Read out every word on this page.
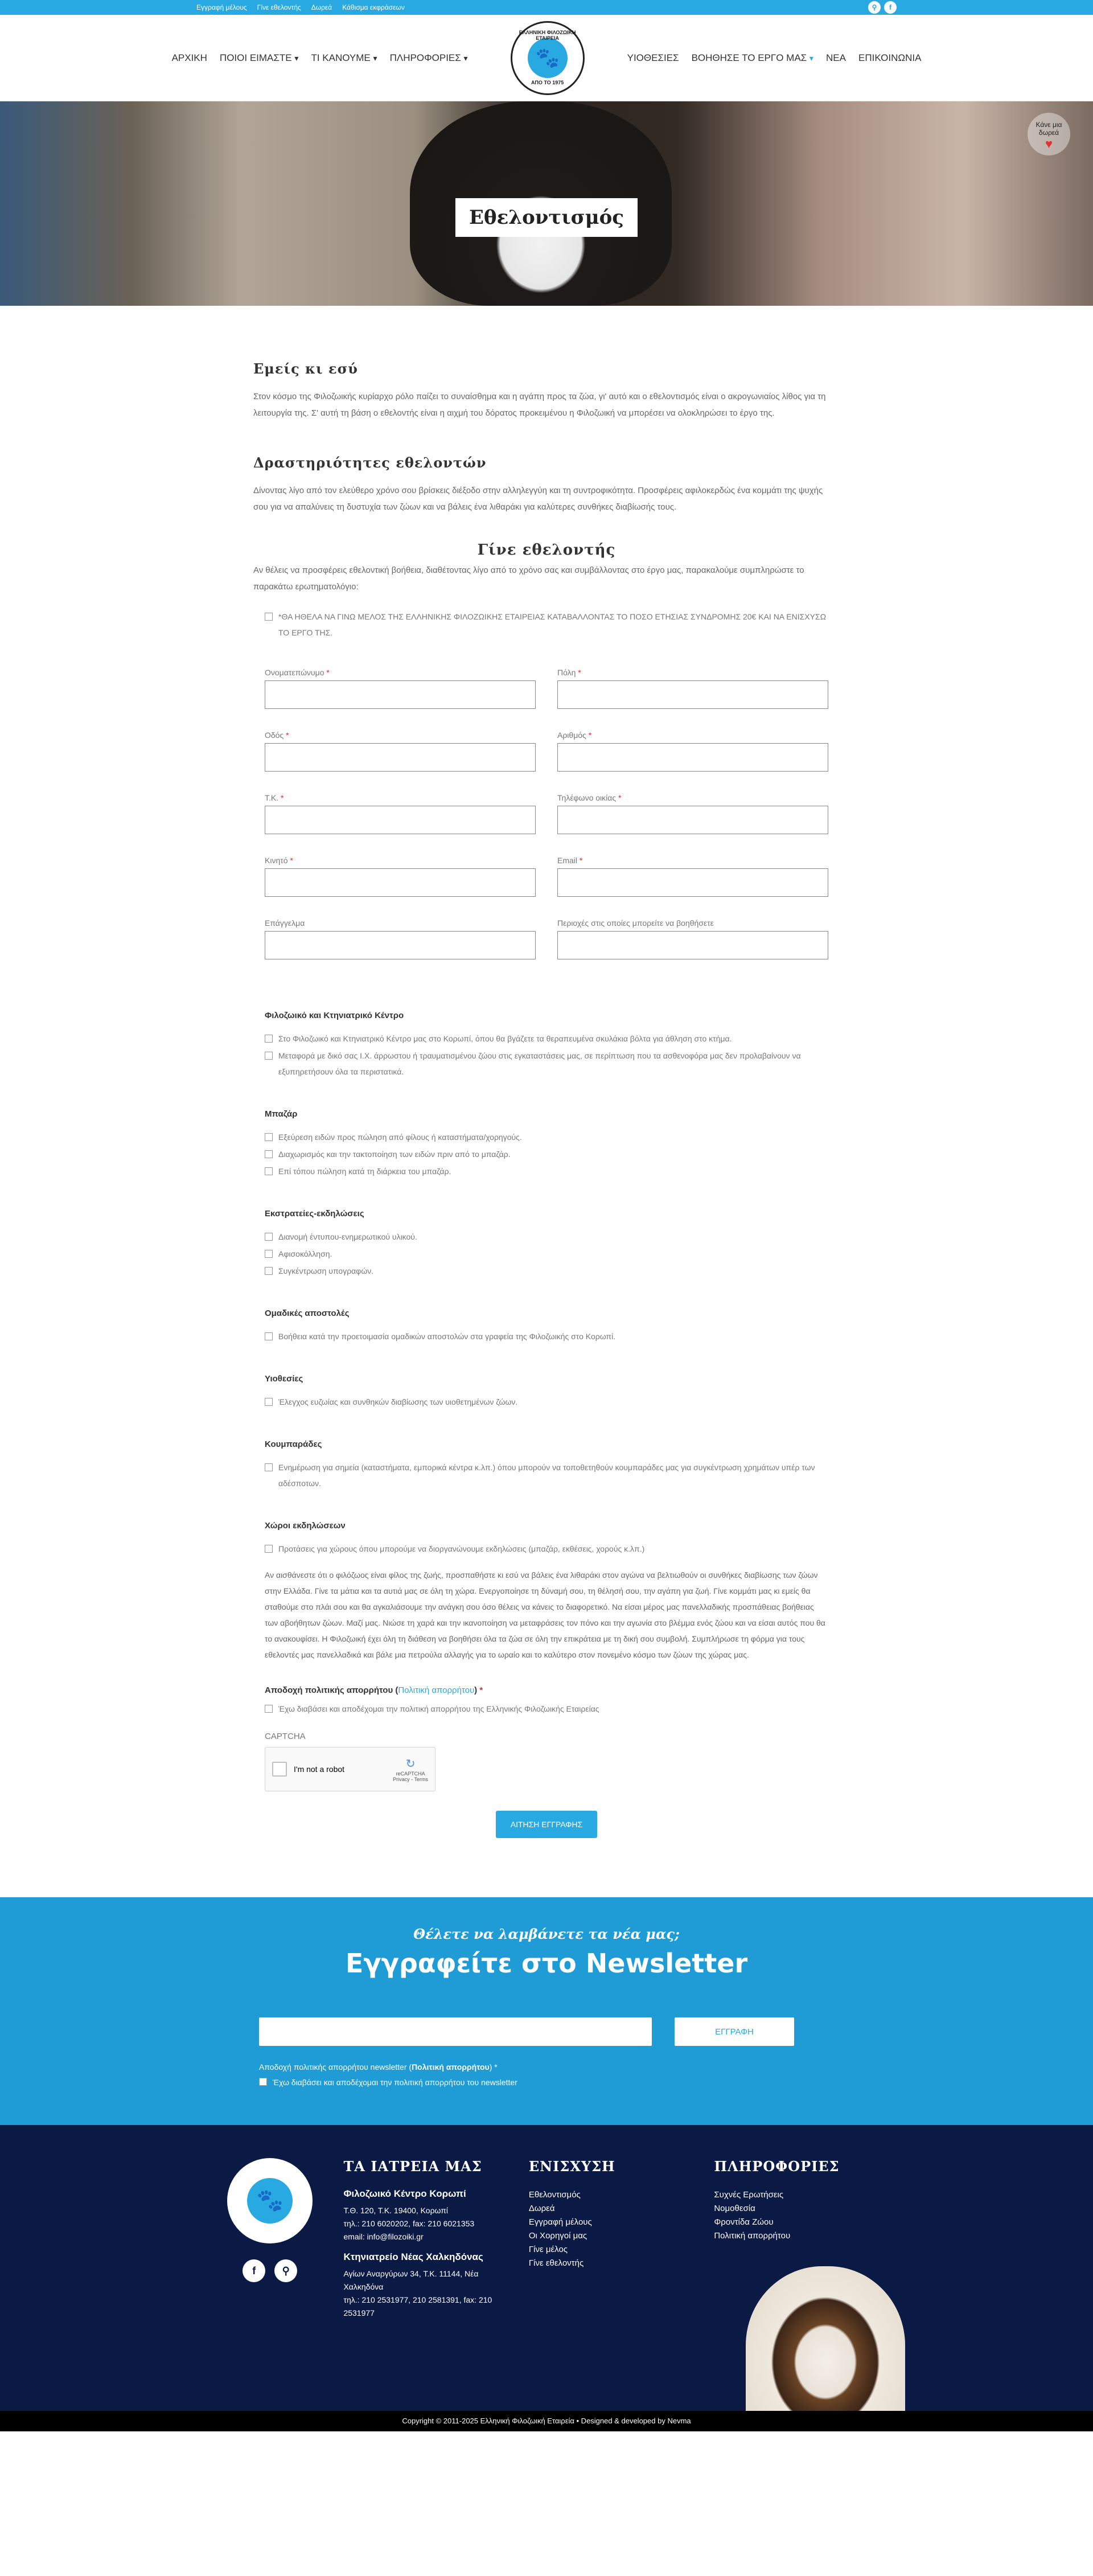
Εγγραφή μέλους Γίνε εθελοντής Δωρεά Κάθισμα εκφράσεων	⚲	f
ΑΡΧΙΚΗ ΠΟΙΟΙ ΕΙΜΑΣΤΕ ▾ ΤΙ ΚΑΝΟΥΜΕ ▾ ΠΛΗΡΟΦΟΡΙΕΣ ▾
ΕΛΛΗΝΙΚΗ ΦΙΛΟΖΩΙΚΗ ΕΤΑΙΡΕΙΑ
🐾
ΑΠΟ ΤΟ 1975
ΥΙΟΘΕΣΙΕΣ ΒΟΗΘΗΣΕ ΤΟ ΕΡΓΟ ΜΑΣ ▾ ΝΕΑ ΕΠΙΚΟΙΝΩΝΙΑ
Εθελοντισμός
Κάνε μια δωρεά
♥
Εμείς κι εσύ

Στον κόσμο της Φιλοζωικής κυρίαρχο ρόλο παίζει το συναίσθημα και η αγάπη προς τα ζώα, γι' αυτό και ο εθελοντισμός είναι ο ακρογωνιαίος λίθος για τη λειτουργία της. Σ' αυτή τη βάση ο εθελοντής είναι η αιχμή του δόρατος προκειμένου η Φιλοζωική να μπορέσει να ολοκληρώσει το έργο της.

Δραστηριότητες εθελοντών

Δίνοντας λίγο από τον ελεύθερο χρόνο σου βρίσκεις διέξοδο στην αλληλεγγύη και τη συντροφικότητα. Προσφέρεις αφιλοκερδώς ένα κομμάτι της ψυχής σου για να απαλύνεις τη δυστυχία των ζώων και να βάλεις ένα λιθαράκι για καλύτερες συνθήκες διαβίωσής τους.

Γίνε εθελοντής

Αν θέλεις να προσφέρεις εθελοντική βοήθεια, διαθέτοντας λίγο από το χρόνο σας και συμβάλλοντας στο έργο μας, παρακαλούμε συμπληρώστε το παρακάτω ερωτηματολόγιο:

*ΘΑ ΗΘΕΛΑ ΝΑ ΓΙΝΩ ΜΕΛΟΣ ΤΗΣ ΕΛΛΗΝΙΚΗΣ ΦΙΛΟΖΩΙΚΗΣ ΕΤΑΙΡΕΙΑΣ ΚΑΤΑΒΑΛΛΟΝΤΑΣ ΤΟ ΠΟΣΟ ΕΤΗΣΙΑΣ ΣΥΝΔΡΟΜΗΣ 20€ ΚΑΙ ΝΑ ΕΝΙΣΧΥΣΩ ΤΟ ΕΡΓΟ ΤΗΣ.
Ονοματεπώνυμο *	Πόλη *
Οδός *	Αριθμός *
Τ.Κ. *	Τηλέφωνο οικίας *
Κινητό *	Email *
Επάγγελμα	Περιοχές στις οποίες μπορείτε να βοηθήσετε
Φιλοζωικό και Κτηνιατρικό Κέντρο
Στο Φιλοζωικό και Κτηνιατρικό Κέντρο μας στο Κορωπί, όπου θα βγάζετε τα θεραπευμένα σκυλάκια βόλτα για άθληση στο κτήμα.
Μεταφορά με δικό σας Ι.Χ. άρρωστου ή τραυματισμένου ζώου στις εγκαταστάσεις μας, σε περίπτωση που τα ασθενοφόρα μας δεν προλαβαίνουν να εξυπηρετήσουν όλα τα περιστατικά.
Μπαζάρ
Εξεύρεση ειδών προς πώληση από φίλους ή καταστήματα/χορηγούς.
Διαχωρισμός και την τακτοποίηση των ειδών πριν από το μπαζάρ.
Επί τόπου πώληση κατά τη διάρκεια του μπαζάρ.
Εκστρατείες-εκδηλώσεις
Διανομή έντυπου-ενημερωτικού υλικού.
Αφισοκόλληση.
Συγκέντρωση υπογραφών.
Ομαδικές αποστολές
Βοήθεια κατά την προετοιμασία ομαδικών αποστολών στα γραφεία της Φιλοζωικής στο Κορωπί.
Υιοθεσίες
Έλεγχος ευζωίας και συνθηκών διαβίωσης των υιοθετημένων ζώων.
Κουμπαράδες
Ενημέρωση για σημεία (καταστήματα, εμπορικά κέντρα κ.λπ.) όπου μπορούν να τοποθετηθούν κουμπαράδες μας για συγκέντρωση χρημάτων υπέρ των αδέσποτων.
Χώροι εκδηλώσεων
Προτάσεις για χώρους όπου μπορούμε να διοργανώνουμε εκδηλώσεις (μπαζάρ, εκθέσεις, χορούς κ.λπ.)

Αν αισθάνεστε ότι ο φιλόζωος είναι φίλος της ζωής, προσπαθήστε κι εσύ να βάλεις ένα λιθαράκι στον αγώνα να βελτιωθούν οι συνθήκες διαβίωσης των ζώων στην Ελλάδα. Γίνε τα μάτια και τα αυτιά μας σε όλη τη χώρα. Ενεργοποίησε τη δύναμή σου, τη θέλησή σου, την αγάπη για ζωή. Γίνε κομμάτι μας κι εμείς θα σταθούμε στο πλάι σου και θα αγκαλιάσουμε την ανάγκη σου όσο θέλεις να κάνεις το διαφορετικό. Να είσαι μέρος μας πανελλαδικής προσπάθειας βοήθειας των αβοήθητων ζώων. Μαζί μας. Νιώσε τη χαρά και την ικανοποίηση να μεταφράσεις τον πόνο και την αγωνία στο βλέμμα ενός ζώου και να είσαι αυτός που θα το ανακουφίσει. Η Φιλοζωική έχει όλη τη διάθεση να βοηθήσει όλα τα ζώα σε όλη την επικράτεια με τη δική σου συμβολή. Συμπλήρωσε τη φόρμα για τους εθελοντές μας πανελλαδικά και βάλε μια πετρούλα αλλαγής για το ωραίο και το καλύτερο στον πονεμένο κόσμο των ζώων της χώρας μας.

Αποδοχή πολιτικής απορρήτου (Πολιτική απορρήτου) *
Έχω διαβάσει και αποδέχομαι την πολιτική απορρήτου της Ελληνικής Φιλοζωικής Εταιρείας
CAPTCHA
I'm not a robot	↻
reCAPTCHA
Privacy - Terms
ΑΙΤΗΣΗ ΕΓΓΡΑΦΗΣ
Θέλετε να λαμβάνετε τα νέα μας;
Εγγραφείτε στο Newsletter
ΕΓΓΡΑΦΗ
Αποδοχή πολιτικής απορρήτου newsletter (Πολιτική απορρήτου) *
Έχω διαβάσει και αποδέχομαι την πολιτική απορρήτου του newsletter
🐾
f	⚲
ΤΑ ΙΑΤΡΕΙΑ ΜΑΣ
Φιλοζωικό Κέντρο Κορωπί
Τ.Θ. 120, Τ.Κ. 19400, Κορωπί
τηλ.: 210 6020202, fax: 210 6021353
email: info@filozoiki.gr
Κτηνιατρείο Νέας Χαλκηδόνας
Αγίων Αναργύρων 34, Τ.Κ. 11144, Νέα Χαλκηδόνα
τηλ.: 210 2531977, 210 2581391, fax: 210 2531977
ΕΝΙΣΧΥΣΗ
Εθελοντισμός
Δωρεά
Εγγραφή μέλους
Οι Χορηγοί μας
Γίνε μέλος
Γίνε εθελοντής
ΠΛΗΡΟΦΟΡΙΕΣ
Συχνές Ερωτήσεις
Νομοθεσία
Φροντίδα Ζώου
Πολιτική απορρήτου
Copyright © 2011-2025 Ελληνική Φιλοζωική Εταιρεία • Designed & developed by Nevma
